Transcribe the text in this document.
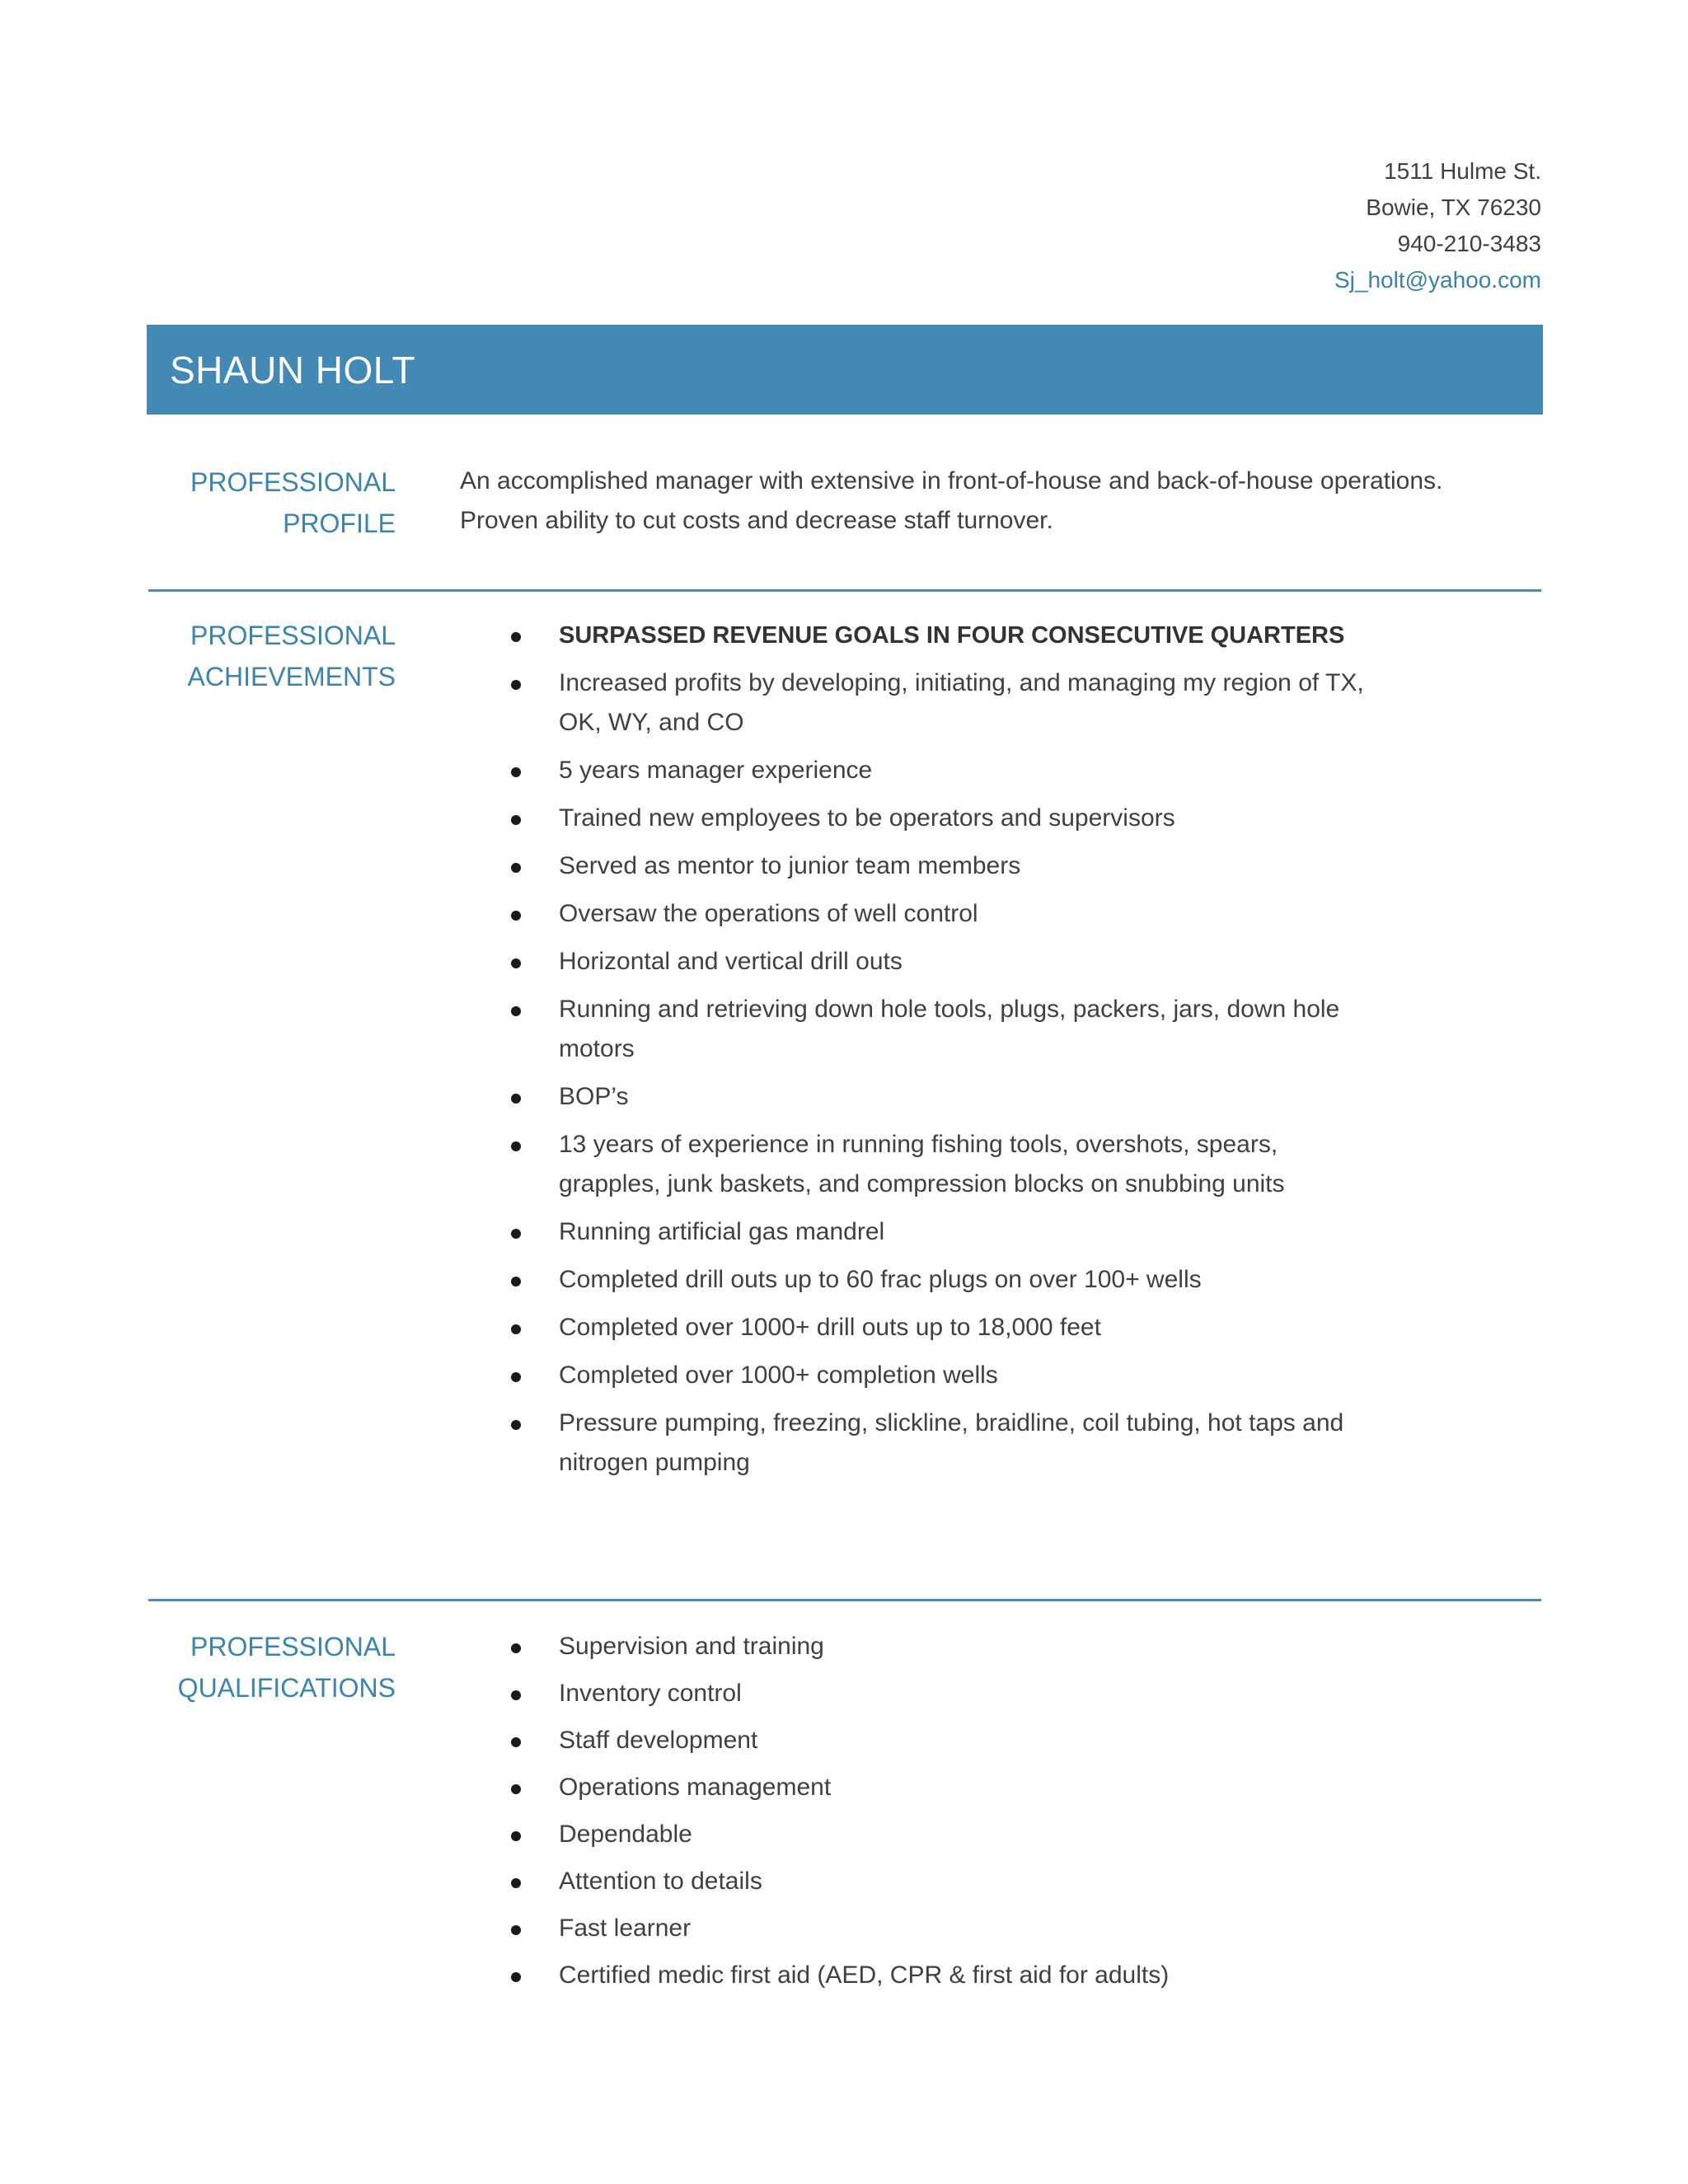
1511 Hulme St.
Bowie, TX 76230
940-210-3483
Sj_holt@yahoo.com
SHAUN HOLT
PROFESSIONAL
PROFILE
An accomplished manager with extensive in front-of-house and back-of-house operations.
Proven ability to cut costs and decrease staff turnover.
PROFESSIONAL
ACHIEVEMENTS
SURPASSED REVENUE GOALS IN FOUR CONSECUTIVE QUARTERS
Increased profits by developing, initiating, and managing my region of TX, OK, WY, and CO
5 years manager experience
Trained new employees to be operators and supervisors
Served as mentor to junior team members
Oversaw the operations of well control
Horizontal and vertical drill outs
Running and retrieving down hole tools, plugs, packers, jars, down hole motors
BOP’s
13 years of experience in running fishing tools, overshots, spears, grapples, junk baskets, and compression blocks on snubbing units
Running artificial gas mandrel
Completed drill outs up to 60 frac plugs on over 100+ wells
Completed over 1000+ drill outs up to 18,000 feet
Completed over 1000+ completion wells
Pressure pumping, freezing, slickline, braidline, coil tubing, hot taps and nitrogen pumping
PROFESSIONAL
QUALIFICATIONS
Supervision and training
Inventory control
Staff development
Operations management
Dependable
Attention to details
Fast learner
Certified medic first aid (AED, CPR & first aid for adults)
